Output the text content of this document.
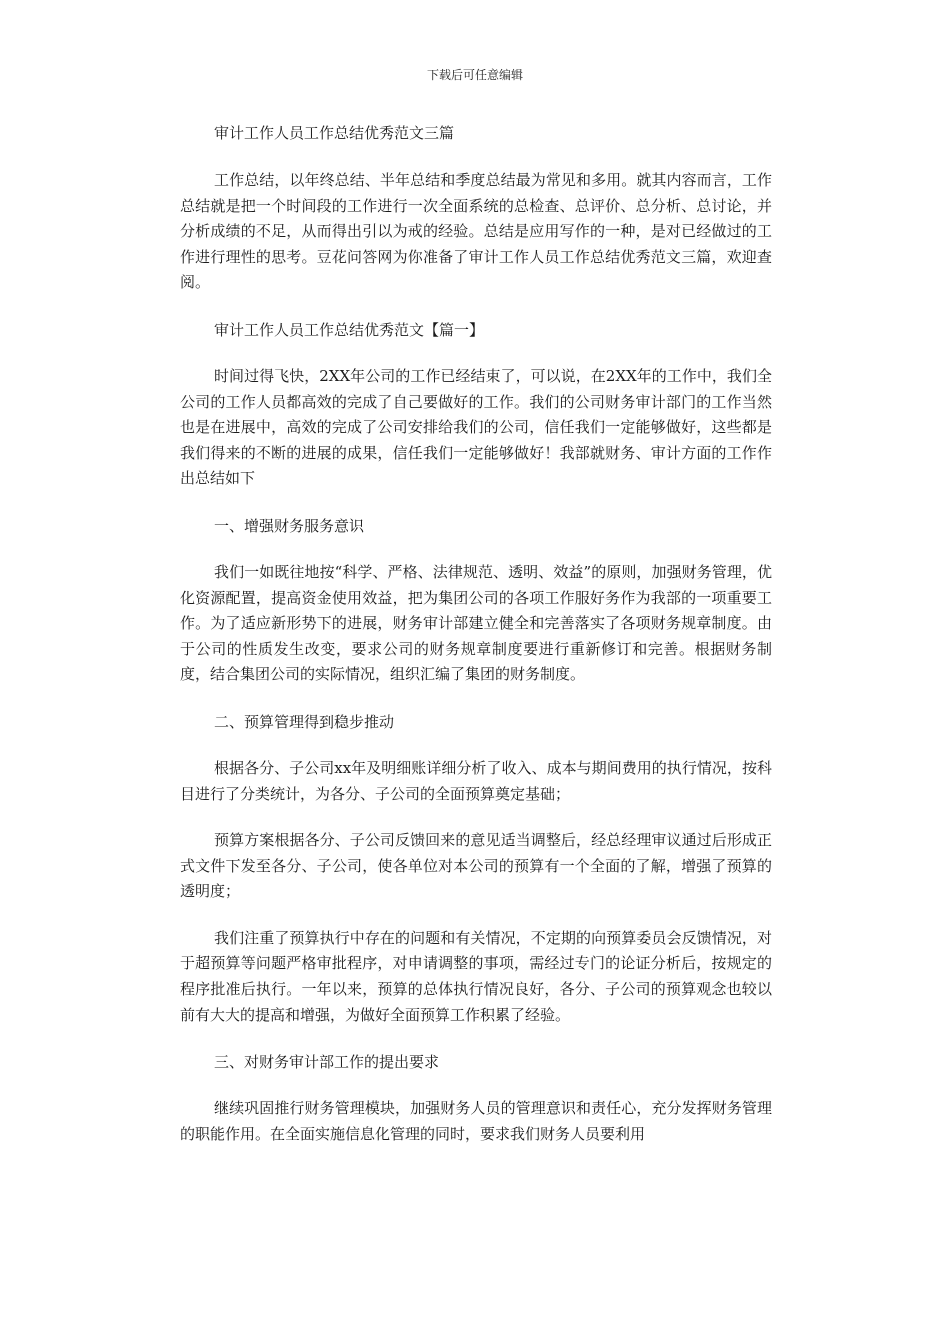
下载后可任意编辑
审计工作人员工作总结优秀范文三篇

工作总结，以年终总结、半年总结和季度总结最为常见和多用。就其内容而言，工作总结就是把一个时间段的工作进行一次全面系统的总检查、总评价、总分析、总讨论，并分析成绩的不足，从而得出引以为戒的经验。总结是应用写作的一种，是对已经做过的工作进行理性的思考。豆花问答网为你准备了审计工作人员工作总结优秀范文三篇，欢迎查阅。

审计工作人员工作总结优秀范文【篇一】

时间过得飞快，2XX年公司的工作已经结束了，可以说，在2XX年的工作中，我们全公司的工作人员都高效的完成了自己要做好的工作。我们的公司财务审计部门的工作当然也是在进展中，高效的完成了公司安排给我们的公司，信任我们一定能够做好，这些都是我们得来的不断的进展的成果，信任我们一定能够做好！我部就财务、审计方面的工作作出总结如下

一、增强财务服务意识

我们一如既往地按“科学、严格、法律规范、透明、效益”的原则，加强财务管理，优化资源配置，提高资金使用效益，把为集团公司的各项工作服好务作为我部的一项重要工作。为了适应新形势下的进展，财务审计部建立健全和完善落实了各项财务规章制度。由于公司的性质发生改变，要求公司的财务规章制度要进行重新修订和完善。根据财务制度，结合集团公司的实际情况，组织汇编了集团的财务制度。

二、预算管理得到稳步推动

根据各分、子公司xx年及明细账详细分析了收入、成本与期间费用的执行情况，按科目进行了分类统计，为各分、子公司的全面预算奠定基础；

预算方案根据各分、子公司反馈回来的意见适当调整后，经总经理审议通过后形成正式文件下发至各分、子公司，使各单位对本公司的预算有一个全面的了解，增强了预算的透明度；

我们注重了预算执行中存在的问题和有关情况，不定期的向预算委员会反馈情况，对于超预算等问题严格审批程序，对申请调整的事项，需经过专门的论证分析后，按规定的程序批准后执行。一年以来，预算的总体执行情况良好，各分、子公司的预算观念也较以前有大大的提高和增强，为做好全面预算工作积累了经验。

三、对财务审计部工作的提出要求

继续巩固推行财务管理模块，加强财务人员的管理意识和责任心，充分发挥财务管理的职能作用。在全面实施信息化管理的同时，要求我们财务人员要利用
